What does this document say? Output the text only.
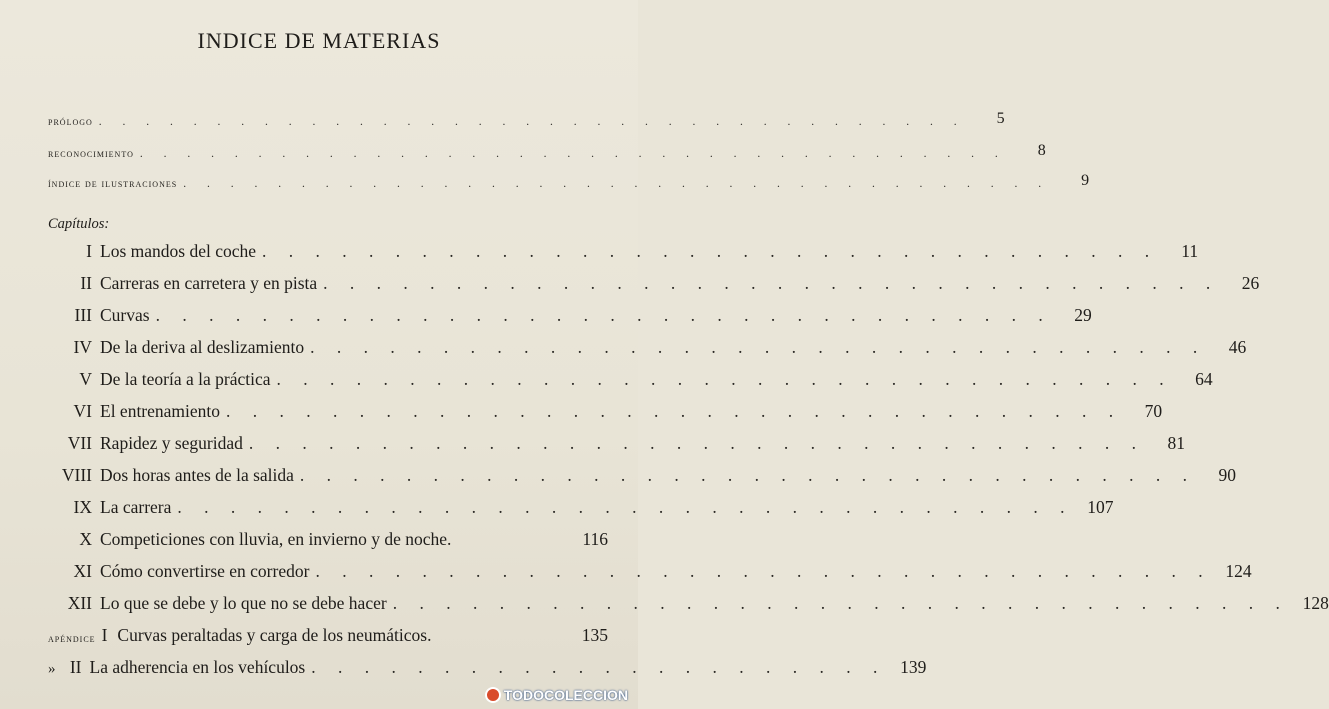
INDICE DE MATERIAS
prólogo . . . . . . . . . . . . . . . . . . . . . . . . . . . . . . . . . . . . .	5
reconocimiento . . . . . . . . . . . . . . . . . . . . . . . . . . . . . . . . . . . . .	8
índice de ilustraciones . . . . . . . . . . . . . . . . . . . . . . . . . . . . . . . . . . . . .	9
Capítulos:
I Los mandos del coche . . . . . . . . . . . . . . . . . . . . . . . . . . . . . . . . . .	11
II Carreras en carretera y en pista . . . . . . . . . . . . . . . . . . . . . . . . . . . . . . . . . .	26
III Curvas . . . . . . . . . . . . . . . . . . . . . . . . . . . . . . . . . .	29
IV De la deriva al deslizamiento . . . . . . . . . . . . . . . . . . . . . . . . . . . . . . . . . .	46
V De la teoría a la práctica . . . . . . . . . . . . . . . . . . . . . . . . . . . . . . . . . .	64
VI El entrenamiento . . . . . . . . . . . . . . . . . . . . . . . . . . . . . . . . . .	70
VII Rapidez y seguridad . . . . . . . . . . . . . . . . . . . . . . . . . . . . . . . . . .	81
VIII Dos horas antes de la salida . . . . . . . . . . . . . . . . . . . . . . . . . . . . . . . . . .	90
IX La carrera . . . . . . . . . . . . . . . . . . . . . . . . . . . . . . . . . . 107
X Competiciones con lluvia, en invierno y de noche.	116
XI Cómo convertirse en corredor . . . . . . . . . . . . . . . . . . . . . . . . . . . . . . . . . . 124
XII Lo que se debe y lo que no se debe hacer . . . . . . . . . . . . . . . . . . . . . . . . . . . . . . . . . . 128
apéndice I Curvas peraltadas y carga de los neumáticos.	135
» II La adherencia en los vehículos . . . . . . . . . . . . . . . . . . . . . . 139
TODOCOLECCION
